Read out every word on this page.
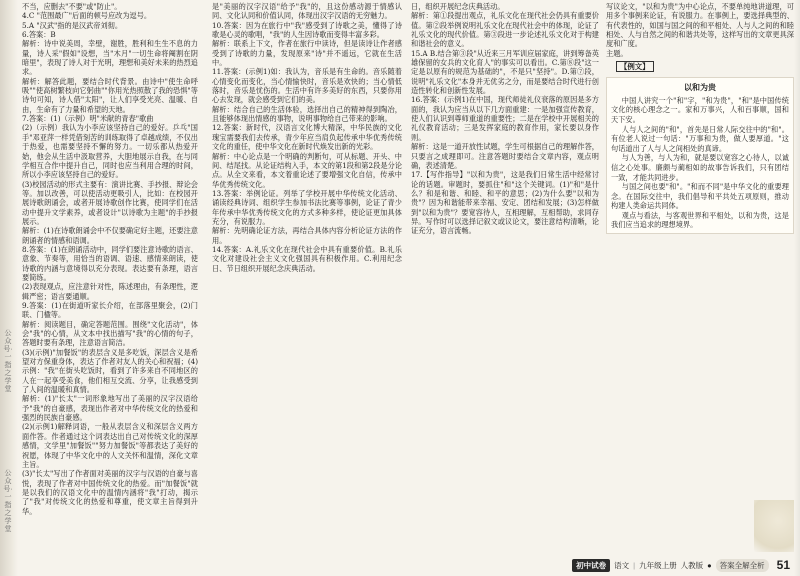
公众号·一指之学堂
公众号·一指之学堂

不当，应删去"不要"或"防止"。

4.C "范围最广"后面的顿号应改为逗号。

5.A "汉武"指的是汉武帝刘彻。

6.答案：B

解析：诗中说美周，幸壁，谢胜，胜利和生生不息的力量，诗人采"假如"设想，当"木月"一切生命将阉割在阴暗里"，表现了诗人对于光明，理想和美好未来的热烈追求。

解析：解答此题，要结合时代背景。由诗中"使生命呼吸""使高树繁枝向它躬曲""你用光热照散了我的恐惧"等诗句可知，诗人借"太阳"，让人们享受光亮、温暖、自由，生命有了力量和希望的天地。

7.答案：(1)（示例）明"米献的青春"歌曲

(2)（示例）我认为小李应该坚持自己的爱好。乒乓"国手"邓亚萍一样凭借刻苦的训练取得了卓越成绩，不仅出于热爱，也需要坚持不懈的努力。一切乐都从热爱开始，他会从生活中汲取营养，大胆地展示自我，在与同学相互合作中提升自己，同时也应当利用合理的时间，所以小李应该坚持自己的爱好。

(3)校园活动的形式主要有：演讲比赛、手抄报、辩论会等。加以改善，可以使活动更吸引人，比如：在校园开展诗歌朗诵会，或者开展诗歌创作比赛，使同学们在活动中提升文学素养，或者设计"以诗歌为主题"的手抄报展示。

解析：(1)在诗歌朗诵会中不仅要确定好主题，还要注意朗诵者的情感和语调。

8.答案：(1)在朗诵活动中，同学们要注意诗歌的语言、意象、节奏等，用恰当的语调、语速、感情来朗读，使诗歌的内涵与意境得以充分表现。表达要有条理，语言要简练。

(2)表现观点，应注意针对性，陈述理由，有条理性，逻辑严密；语言要通顺。

9.答案：(1)在街道听家长介绍，在部落里聚会，(2)门联、门楹等。

解析：阅读题目，确定答题范围。围绕"文化活动"，体会"我"的心情，从文本中找出描写"我"的心情的句子，答题时要有条理，注意语言简洁。

(3)(示例)"加餐饭"的表层含义是多吃饭，深层含义是希望对方保重身体，表达了作者对友人的关心和祝福；(4)示例："我"在街头吃饭时，看到了许多来自不同地区的人在一起享受美食，他们相互交流、分享，让我感受到了人间的温暖和真情。

解析：(1)"长太"一词形象地写出了美丽的汉字汉语给予"我"的自豪感，表现出作者对中华传统文化的热爱和强烈的民族自豪感。

(2)(示例1)解释词语，一般从表层含义和深层含义两方面作答。作者通过这个词表达出自己对传统文化的深厚感情，文学里"加餐饭""努力加餐饭"等都表达了美好的祝愿，体现了中华文化中的人文关怀和温情，深化文章主旨。

(3)"长太"写出了作者面对美丽的汉字与汉语的自豪与喜悦，表现了作者对中国传统文化的热爱。而"加餐饭"就是以我们的汉语文化中的温情内涵将"我"打动，揭示了"我"对传统文化的热爱和尊重，使文章主旨得到升华。

是"美丽的汉字汉语"给予"我"的，且这份感动源于情感认同、文化认同和价值认同，体现出汉字汉语的无穷魅力。

10.答案：因为在旅行中"我"感受到了诗歌之美，懂得了诗歌是心灵的歌唱，"我"的人生因诗歌而变得丰富多彩。

解析：联系上下文，作者在旅行中读诗，但是读诗让作者感受到了诗歌的力量，发现原来"诗"并不遥远，它就在生活中。

11.答案：(示例1)如：我认为，音乐是有生命的。音乐随着心情变化而变化，当心情愉快时，音乐是欢快的；当心情低落时，音乐是忧伤的。生活中有许多美好的东西，只要你用心去发现，就会感受到它们的美。

解析：结合自己的生活体验，选择出自己的精神得到陶冶，且能够体现出情感的事物，说明事物给自己带来的影响。

12.答案：新时代，汉语言文化博大精深，中华民族的文化瑰宝需要我们去传承，青少年应当肩负起传承中华优秀传统文化的重任，使中华文化在新时代焕发出新的光彩。

解析：中心论点是一个明确的判断句，可从标题、开头、中间、结尾找。从论证结构入手，本文的第1段和第2段是分论点。从全文来看，本文着重论述了要增强文化自信，传承中华优秀传统文化。

13.答案：举例论证。列举了学校开展中华传统文化活动、诵读经典诗词、组织学生参加书法比赛等事例，论证了青少年传承中华优秀传统文化的方式多种多样，使论证更加具体充分，有说服力。

解析：先明确论证方法，再结合具体内容分析论证方法的作用。

14.答案：A.礼乐文化在现代社会中具有重要价值。B.礼乐文化对建设社会主义文化强国具有积极作用。C.利用纪念日、节日组织开展纪念庆典活动。

日，组织开展纪念庆典活动。

解析：第①段提出观点，礼乐文化在现代社会仍具有重要价值。第②段举例说明礼乐文化在现代社会中的体现，论证了礼乐文化的现代价值。第③段进一步论述礼乐文化对于构建和谐社会的意义。

15.A B.结合第③段"从近来三月军训应届家庭，讲到筹备英雄保留的女兵的文化育人"的事实可以看出。C.第⑧段"这一定是以原有的规范为基础的"，不是只"坚持"。D.第⑦段，说明"礼乐文化"本身并无优劣之分，而是要结合时代进行创造性转化和创新性发展。

16.答案：(示例1)在中国，现代师徒礼仪衰落的原因是多方面的，我认为应当从以下几方面重建：一是加强宣传教育，使人们认识到尊师重道的重要性；二是在学校中开展相关的礼仪教育活动；三是发挥家庭的教育作用，家长要以身作则。

解析：这是一道开放性试题，学生可根据自己的理解作答，只要言之成理即可。注意答题时要结合文章内容，观点明确，表述清楚。

17.【写作指导】"以和为贵"，这是我们日常生活中经常讨论的话题。审题时，要抓住"和"这个关键词。(1)"和"是什么？和是和谐、和睦、和平的意思；(2)为什么要"以和为贵"？因为和谐能带来幸福、安定、团结和发展；(3)怎样做到"以和为贵"？要宽容待人，互相理解，互相帮助，求同存异。写作时可以选择记叙文或议论文，要注意结构清晰，论证充分，语言流畅。

写议论文，"以和为贵"为中心论点，不要单纯地讲道理，可用多个事例来论证，有说服力。在事例上，要选择典型的、有代表性的，如国与国之间的和平相处、人与人之间的和睦相处、人与自然之间的和谐共处等，这样写出的文章更具深度和广度。

主题。

【例文】
以和为贵

中国人讲究一个"和"字，"和为贵"，"和"是中国传统文化的核心理念之一。家和万事兴，人和百事顺，国和天下安。

人与人之间的"和"，首先是日常人际交往中的"和"。有位老人说过一句话："万事和为贵，做人要厚道。"这句话道出了人与人之间相处的真谛。

与人为善，与人为和，就是要以宽容之心待人，以诚信之心处事。廉颇与蔺相如的故事告诉我们，只有团结一致，才能共同进步。

与国之间也要"和"。"和而不同"是中华文化的重要理念。在国际交往中，我们倡导和平共处五项原则，推动构建人类命运共同体。

观点与看法，与客观世界和平相处，以和为贵，这是我们应当追求的理想境界。

初中试卷	语文 | 九年级上册 人教版 ●	答案全解全析	51
